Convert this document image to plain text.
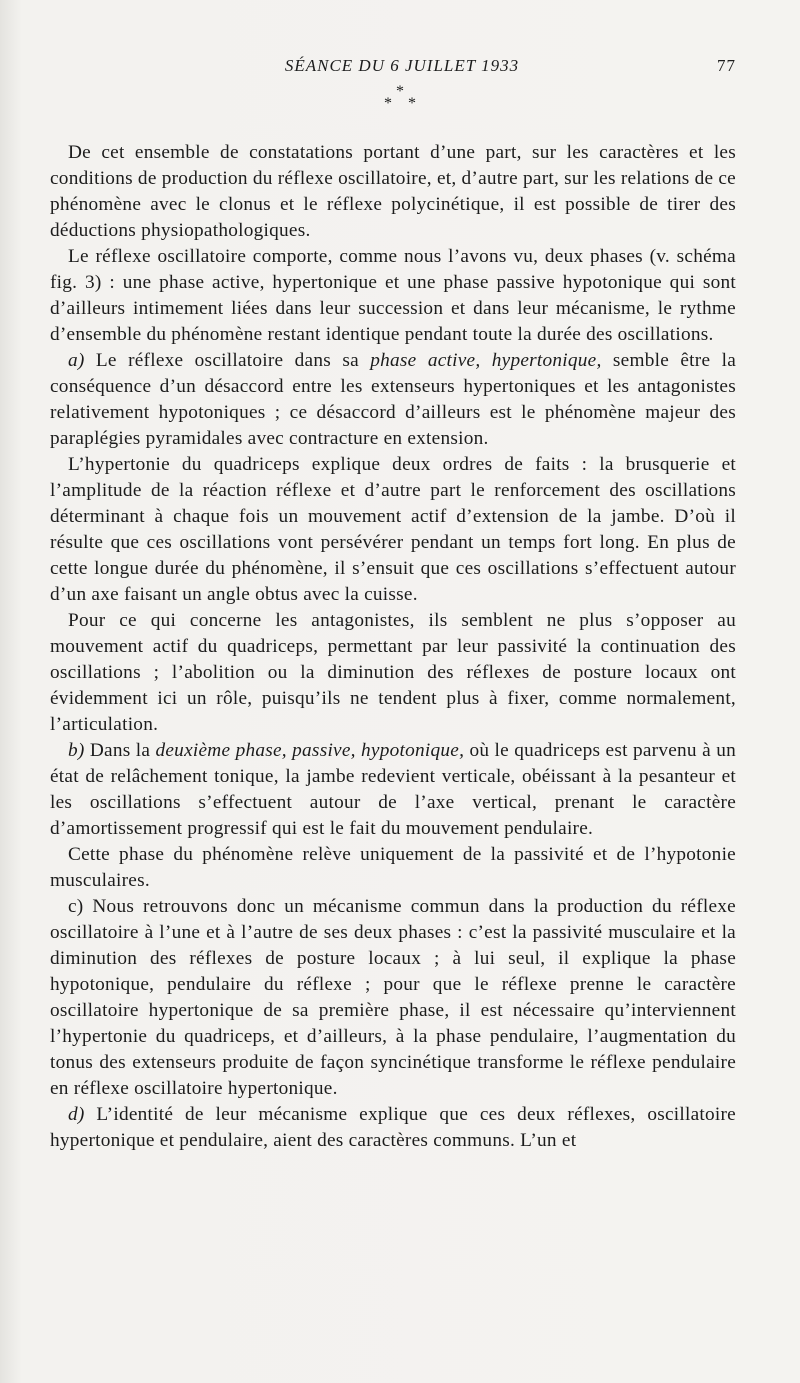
SÉANCE DU 6 JUILLET 1933	77
*
* *

De cet ensemble de constatations portant d’une part, sur les caractères et les conditions de production du réflexe oscillatoire, et, d’autre part, sur les relations de ce phénomène avec le clonus et le réflexe polycinétique, il est possible de tirer des déductions physiopathologiques.

Le réflexe oscillatoire comporte, comme nous l’avons vu, deux phases (v. schéma fig. 3) : une phase active, hypertonique et une phase passive hypotonique qui sont d’ailleurs intimement liées dans leur succession et dans leur mécanisme, le rythme d’ensemble du phénomène restant identique pendant toute la durée des oscillations.

a) Le réflexe oscillatoire dans sa phase active, hypertonique, semble être la conséquence d’un désaccord entre les extenseurs hypertoniques et les antagonistes relativement hypotoniques ; ce désaccord d’ailleurs est le phénomène majeur des paraplégies pyramidales avec contracture en extension.

L’hypertonie du quadriceps explique deux ordres de faits : la brusquerie et l’amplitude de la réaction réflexe et d’autre part le renforcement des oscillations déterminant à chaque fois un mouvement actif d’extension de la jambe. D’où il résulte que ces oscillations vont persévérer pendant un temps fort long. En plus de cette longue durée du phénomène, il s’ensuit que ces oscillations s’effectuent autour d’un axe faisant un angle obtus avec la cuisse.

Pour ce qui concerne les antagonistes, ils semblent ne plus s’opposer au mouvement actif du quadriceps, permettant par leur passivité la continuation des oscillations ; l’abolition ou la diminution des réflexes de posture locaux ont évidemment ici un rôle, puisqu’ils ne tendent plus à fixer, comme normalement, l’articulation.

b) Dans la deuxième phase, passive, hypotonique, où le quadriceps est parvenu à un état de relâchement tonique, la jambe redevient verticale, obéissant à la pesanteur et les oscillations s’effectuent autour de l’axe vertical, prenant le caractère d’amortissement progressif qui est le fait du mouvement pendulaire.

Cette phase du phénomène relève uniquement de la passivité et de l’hypotonie musculaires.

c) Nous retrouvons donc un mécanisme commun dans la production du réflexe oscillatoire à l’une et à l’autre de ses deux phases : c’est la passivité musculaire et la diminution des réflexes de posture locaux ; à lui seul, il explique la phase hypotonique, pendulaire du réflexe ; pour que le réflexe prenne le caractère oscillatoire hypertonique de sa première phase, il est nécessaire qu’interviennent l’hypertonie du quadriceps, et d’ailleurs, à la phase pendulaire, l’augmentation du tonus des extenseurs produite de façon syncinétique transforme le réflexe pendulaire en réflexe oscillatoire hypertonique.

d) L’identité de leur mécanisme explique que ces deux réflexes, oscillatoire hypertonique et pendulaire, aient des caractères communs. L’un et
